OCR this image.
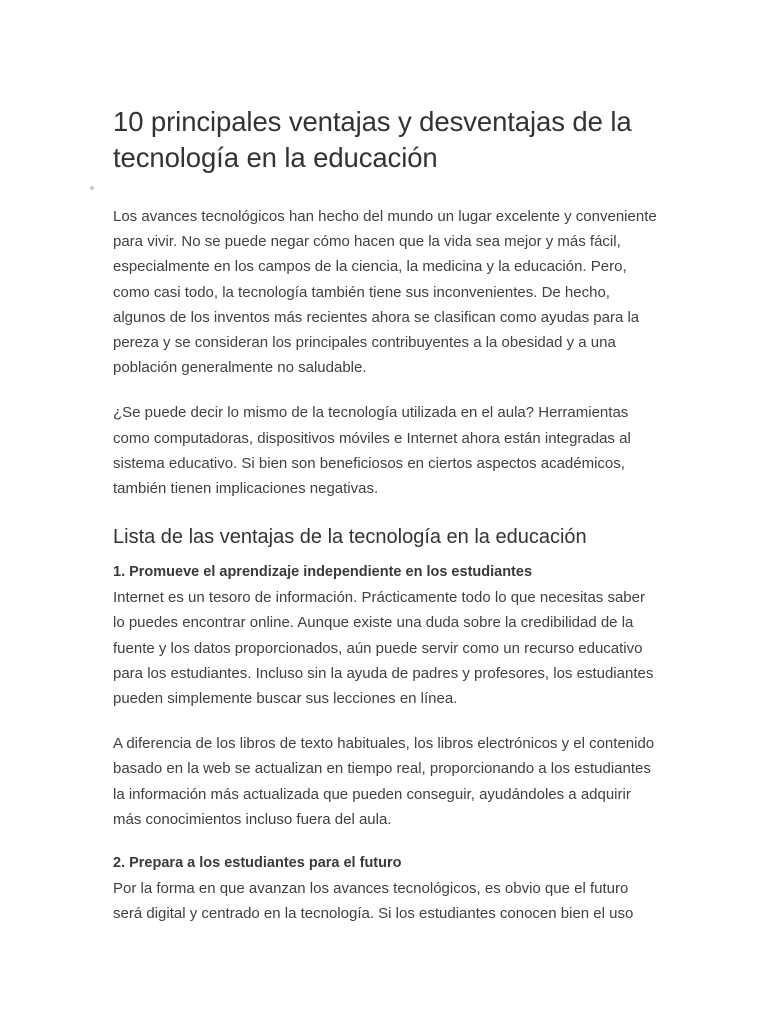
10 principales ventajas y desventajas de la tecnología en la educación

Los avances tecnológicos han hecho del mundo un lugar excelente y conveniente para vivir. No se puede negar cómo hacen que la vida sea mejor y más fácil, especialmente en los campos de la ciencia, la medicina y la educación. Pero, como casi todo, la tecnología también tiene sus inconvenientes. De hecho, algunos de los inventos más recientes ahora se clasifican como ayudas para la pereza y se consideran los principales contribuyentes a la obesidad y a una población generalmente no saludable.

¿Se puede decir lo mismo de la tecnología utilizada en el aula? Herramientas como computadoras, dispositivos móviles e Internet ahora están integradas al sistema educativo. Si bien son beneficiosos en ciertos aspectos académicos, también tienen implicaciones negativas.

Lista de las ventajas de la tecnología en la educación
1. Promueve el aprendizaje independiente en los estudiantes

Internet es un tesoro de información. Prácticamente todo lo que necesitas saber lo puedes encontrar online. Aunque existe una duda sobre la credibilidad de la fuente y los datos proporcionados, aún puede servir como un recurso educativo para los estudiantes. Incluso sin la ayuda de padres y profesores, los estudiantes pueden simplemente buscar sus lecciones en línea.

A diferencia de los libros de texto habituales, los libros electrónicos y el contenido basado en la web se actualizan en tiempo real, proporcionando a los estudiantes la información más actualizada que pueden conseguir, ayudándoles a adquirir más conocimientos incluso fuera del aula.

2. Prepara a los estudiantes para el futuro

Por la forma en que avanzan los avances tecnológicos, es obvio que el futuro será digital y centrado en la tecnología. Si los estudiantes conocen bien el uso
